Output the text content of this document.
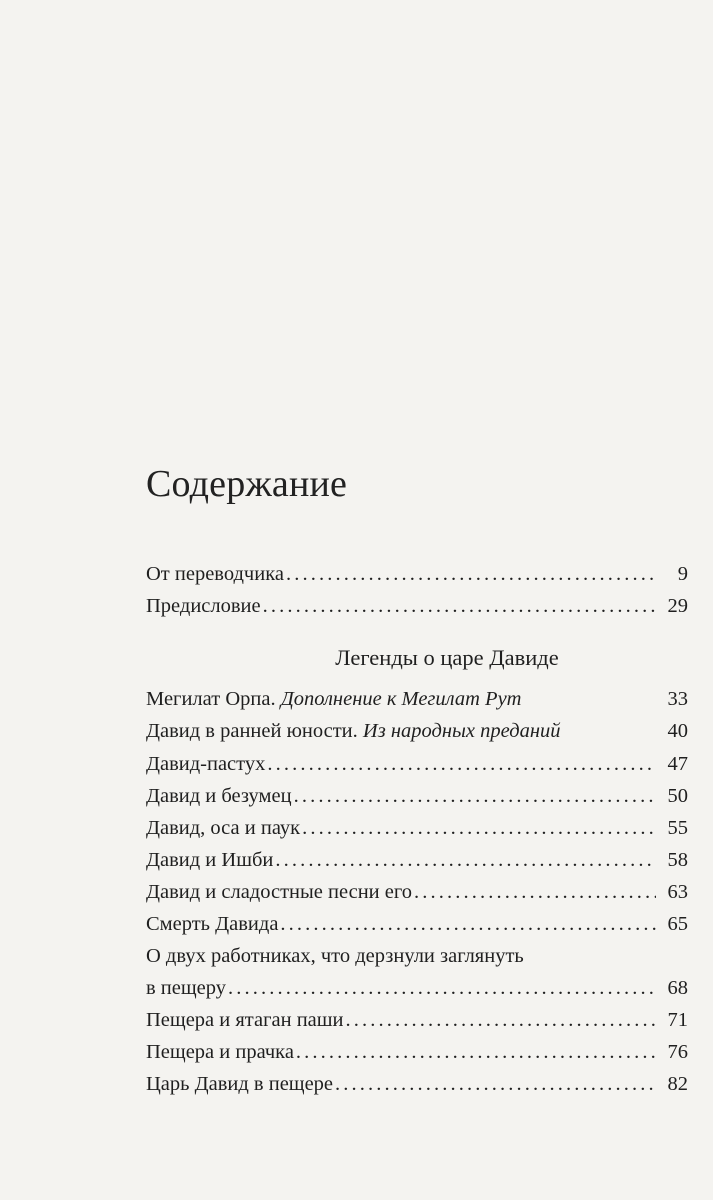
Содержание
От переводчика . . .	9
Предисловие . . .	29
Легенды о царе Давиде
Мегилат Орпа. Дополнение к Мегилат Рут	33
Давид в ранней юности. Из народных преданий	40
Давид-пастух . . .	47
Давид и безумец . . .	50
Давид, оса и паук . . .	55
Давид и Ишби . . .	58
Давид и сладостные песни его . . .	63
Смерть Давида . . .	65
О двух работниках, что дерзнули заглянуть
в пещеру . . .	68
Пещера и ятаган паши . . .	71
Пещера и прачка . . .	76
Царь Давид в пещере . . .	82
